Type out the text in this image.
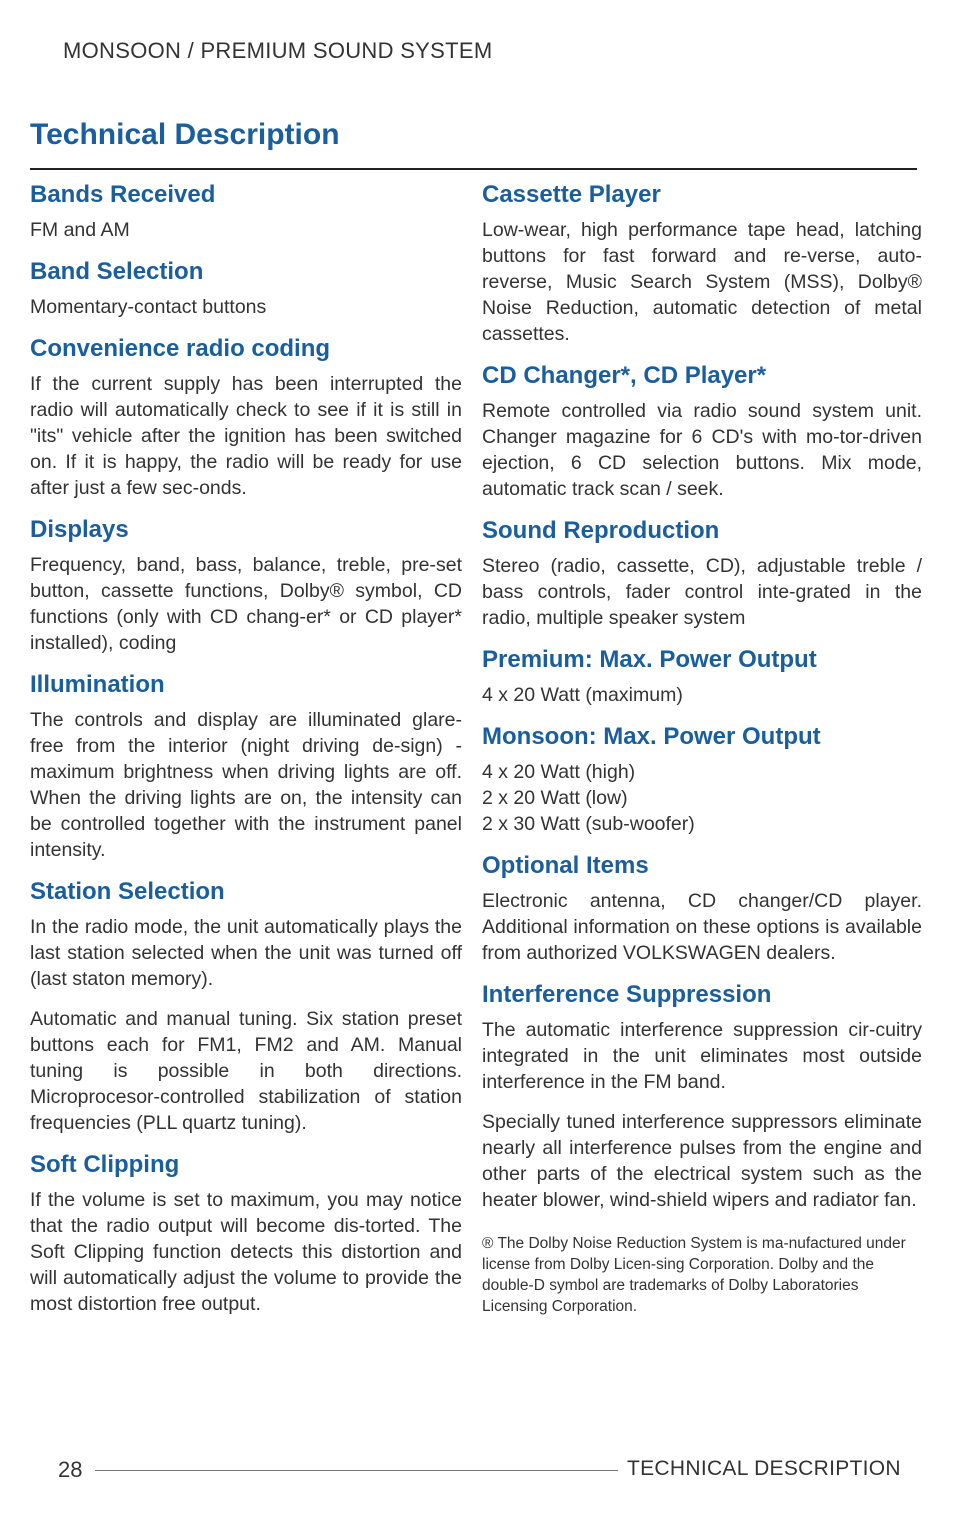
MONSOON / PREMIUM SOUND SYSTEM
Technical Description
Bands Received

FM and AM

Band Selection

Momentary-contact buttons

Convenience radio coding

If the current supply has been interrupted the radio will automatically check to see if it is still in "its" vehicle after the ignition has been switched on. If it is happy, the radio will be ready for use after just a few sec-onds.

Displays

Frequency, band, bass, balance, treble, pre-set button, cassette functions, Dolby® symbol, CD functions (only with CD chang-er* or CD player* installed), coding

Illumination

The controls and display are illuminated glare-free from the interior (night driving de-sign) - maximum brightness when driving lights are off. When the driving lights are on, the intensity can be controlled together with the instrument panel intensity.

Station Selection

In the radio mode, the unit automatically plays the last station selected when the unit was turned off (last staton memory).

Automatic and manual tuning. Six station preset buttons each for FM1, FM2 and AM. Manual tuning is possible in both directions. Microprocesor-controlled stabilization of station frequencies (PLL quartz tuning).

Soft Clipping

If the volume is set to maximum, you may notice that the radio output will become dis-torted. The Soft Clipping function detects this distortion and will automatically adjust the volume to provide the most distortion free output.

Cassette Player

Low-wear, high performance tape head, latching buttons for fast forward and re-verse, auto-reverse, Music Search System (MSS), Dolby® Noise Reduction, automatic detection of metal cassettes.

CD Changer*, CD Player*

Remote controlled via radio sound system unit. Changer magazine for 6 CD's with mo-tor-driven ejection, 6 CD selection buttons. Mix mode, automatic track scan / seek.

Sound Reproduction

Stereo (radio, cassette, CD), adjustable treble / bass controls, fader control inte-grated in the radio, multiple speaker system

Premium: Max. Power Output

4 x 20 Watt (maximum)

Monsoon: Max. Power Output

4 x 20 Watt (high)

2 x 20 Watt (low)

2 x 30 Watt (sub-woofer)

Optional Items

Electronic antenna, CD changer/CD player. Additional information on these options is available from authorized VOLKSWAGEN dealers.

Interference Suppression

The automatic interference suppression cir-cuitry integrated in the unit eliminates most outside interference in the FM band.

Specially tuned interference suppressors eliminate nearly all interference pulses from the engine and other parts of the electrical system such as the heater blower, wind-shield wipers and radiator fan.

® The Dolby Noise Reduction System is ma-nufactured under license from Dolby Licen-sing Corporation. Dolby and the double-D symbol are trademarks of Dolby Laboratories Licensing Corporation.

28	TECHNICAL DESCRIPTION
